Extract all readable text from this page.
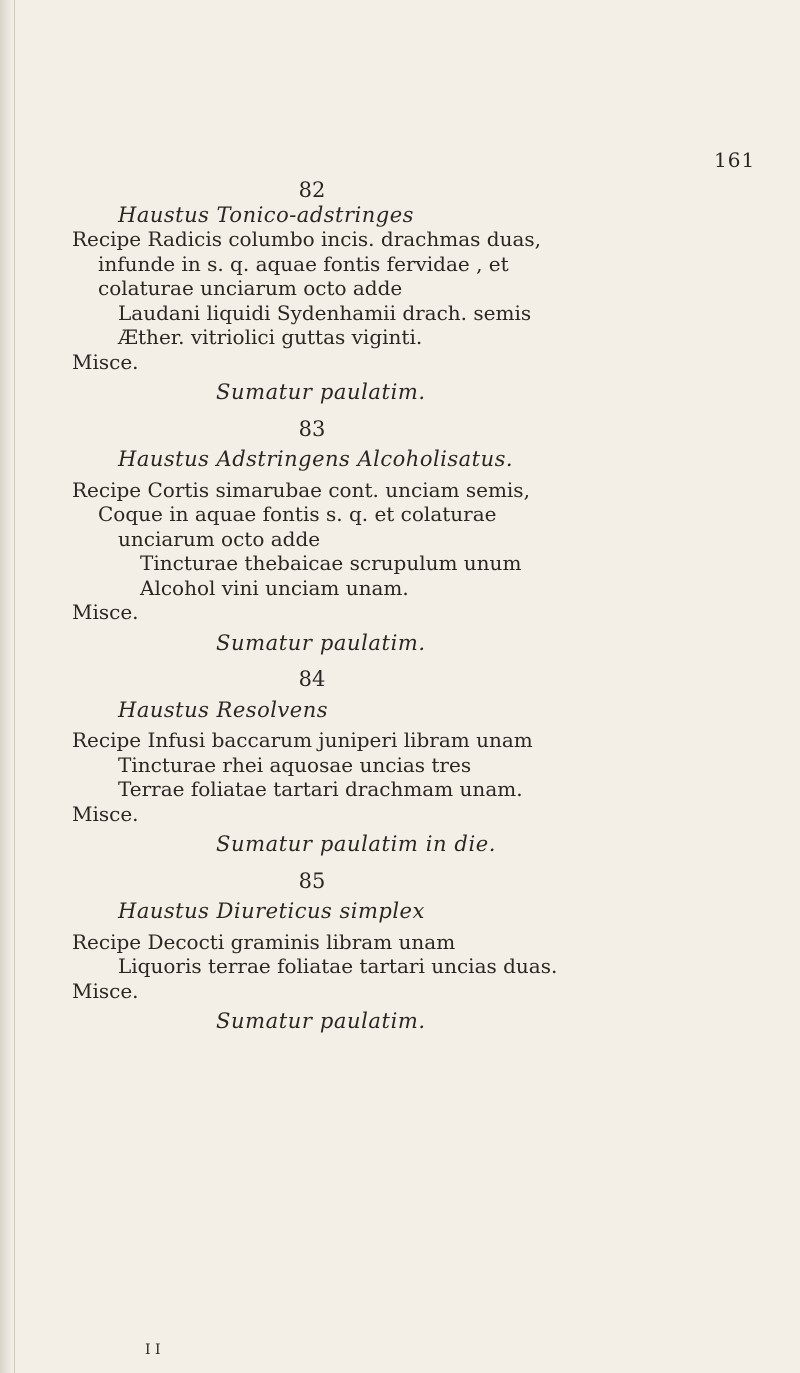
161
82
Haustus Tonico-adstringes
Recipe Radicis columbo incis. drachmas duas,
infunde in s. q. aquae fontis fervidae , et
colaturae unciarum octo adde
Laudani liquidi Sydenhamii drach. semis
Æther. vitriolici guttas viginti.
Misce.
Sumatur paulatim.
83
Haustus Adstringens Alcoholisatus.
Recipe Cortis simarubae cont. unciam semis,
Coque in aquae fontis s. q. et colaturae
unciarum octo adde
Tincturae thebaicae scrupulum unum
Alcohol vini unciam unam.
Misce.
Sumatur paulatim.
84
Haustus Resolvens
Recipe Infusi baccarum juniperi libram unam
Tincturae rhei aquosae uncias tres
Terrae foliatae tartari drachmam unam.
Misce.
Sumatur paulatim in die.
85
Haustus Diureticus simplex
Recipe Decocti graminis libram unam
Liquoris terrae foliatae tartari uncias duas.
Misce.
Sumatur paulatim.
I I
